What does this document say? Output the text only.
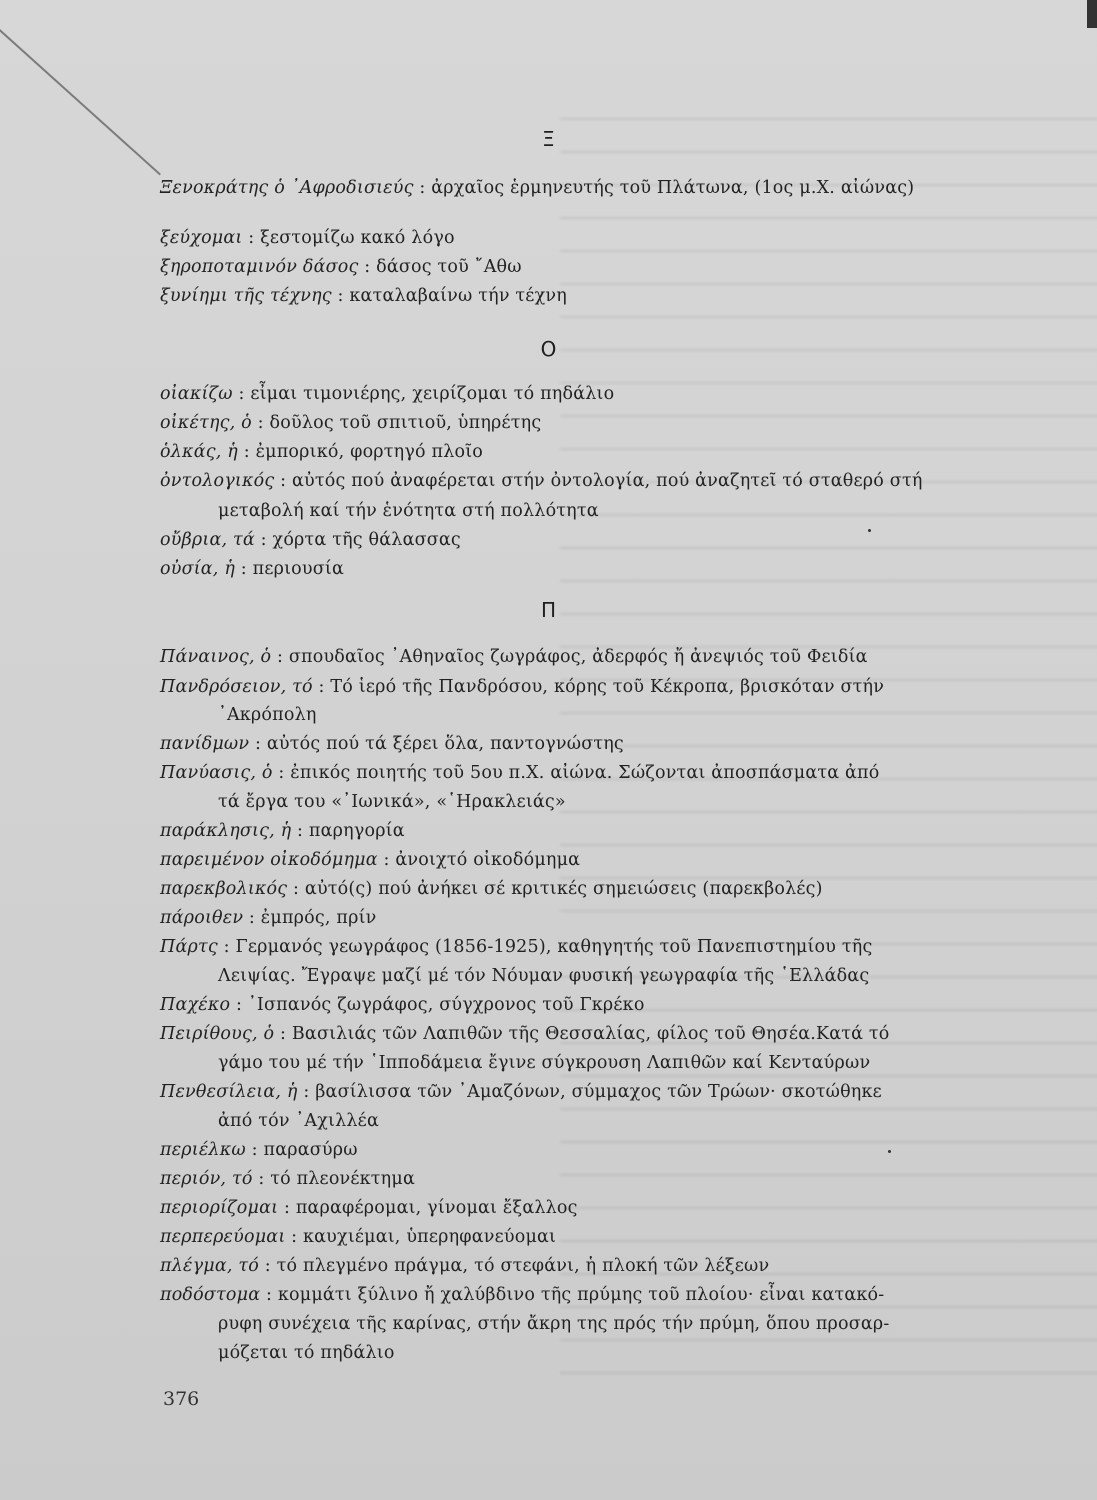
Ξ
Ξενοκράτης ὁ ᾿Αφροδισιεύς : ἀρχαῖος ἑρμηνευτής τοῦ Πλάτωνα, (1ος μ.Χ. αἰώνας)
ξεύχομαι : ξεστομίζω κακό λόγο
ξηροποταμινόν δάσος : δάσος τοῦ ῎Αθω
ξυνίημι τῆς τέχνης : καταλαβαίνω τήν τέχνη
Ο
οἰακίζω : εἶμαι τιμονιέρης, χειρίζομαι τό πηδάλιο
οἰκέτης, ὁ : δοῦλος τοῦ σπιτιοῦ, ὑπηρέτης
ὁλκάς, ἡ : ἐμπορικό, φορτηγό πλοῖο
ὀντολογικός : αὐτός πού ἀναφέρεται στήν ὀντολογία, πού ἀναζητεῖ τό σταθερό στή
μεταβολή καί τήν ἑνότητα στή πολλότητα
οὔβρια, τά : χόρτα τῆς θάλασσας
οὐσία, ἡ : περιουσία
Π
Πάναινος, ὁ : σπουδαῖος ᾿Αθηναῖος ζωγράφος, ἀδερφός ἤ ἀνεψιός τοῦ Φειδία
Πανδρόσειον, τό : Τό ἱερό τῆς Πανδρόσου, κόρης τοῦ Κέκροπα, βρισκόταν στήν
᾿Ακρόπολη
πανίδμων : αὐτός πού τά ξέρει ὅλα, παντογνώστης
Πανύασις, ὁ : ἐπικός ποιητής τοῦ 5ου π.Χ. αἰώνα. Σώζονται ἀποσπάσματα ἀπό
τά ἔργα του «᾿Ιωνικά», «῾Ηρακλειάς»
παράκλησις, ἡ : παρηγορία
παρειμένον οἰκοδόμημα : ἀνοιχτό οἰκοδόμημα
παρεκβολικός : αὐτό(ς) πού ἀνήκει σέ κριτικές σημειώσεις (παρεκβολές)
πάροιθεν : ἐμπρός, πρίν
Πάρτς : Γερμανός γεωγράφος (1856-1925), καθηγητής τοῦ Πανεπιστημίου τῆς
Λειψίας. Ἔγραψε μαζί μέ τόν Νόυμαν φυσική γεωγραφία τῆς ῾Ελλάδας
Παχέκο : ᾿Ισπανός ζωγράφος, σύγχρονος τοῦ Γκρέκο
Πειρίθους, ὁ : Βασιλιάς τῶν Λαπιθῶν τῆς Θεσσαλίας, φίλος τοῦ Θησέα.Κατά τό
γάμο του μέ τήν ῾Ιπποδάμεια ἔγινε σύγκρουση Λαπιθῶν καί Κενταύρων
Πενθεσίλεια, ἡ : βασίλισσα τῶν ᾿Αμαζόνων, σύμμαχος τῶν Τρώων· σκοτώθηκε
ἀπό τόν ᾿Αχιλλέα
περιέλκω : παρασύρω
περιόν, τό : τό πλεονέκτημα
περιορίζομαι : παραφέρομαι, γίνομαι ἔξαλλος
περπερεύομαι : καυχιέμαι, ὑπερηφανεύομαι
πλέγμα, τό : τό πλεγμένο πράγμα, τό στεφάνι, ἡ πλοκή τῶν λέξεων
ποδόστομα : κομμάτι ξύλινο ἤ χαλύβδινο τῆς πρύμης τοῦ πλοίου· εἶναι κατακό-
ρυφη συνέχεια τῆς καρίνας, στήν ἄκρη της πρός τήν πρύμη, ὅπου προσαρ-
μόζεται τό πηδάλιο
376
